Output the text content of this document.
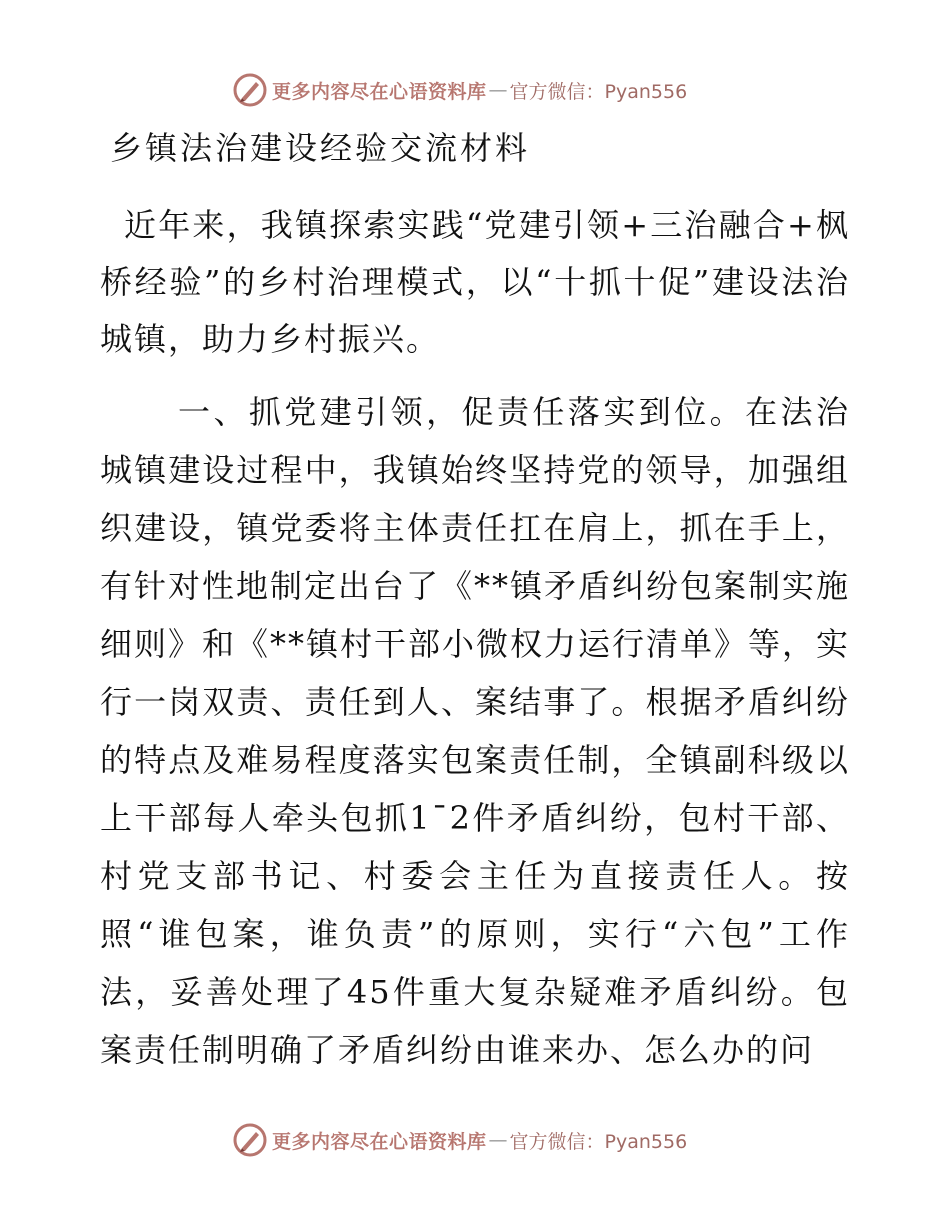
更多内容尽在心语资料库 — 官方微信：Pyan556
乡镇法治建设经验交流材料

近年来，我镇探索实践“党建引领+三治融合+枫桥经验”的乡村治理模式，以“十抓十促”建设法治城镇，助力乡村振兴。

一、抓党建引领，促责任落实到位。在法治城镇建设过程中，我镇始终坚持党的领导，加强组织建设，镇党委将主体责任扛在肩上，抓在手上，有针对性地制定出台了《**镇矛盾纠纷包案制实施细则》和《**镇村干部小微权力运行清单》等，实行一岗双责、责任到人、案结事了。根据矛盾纠纷的特点及难易程度落实包案责任制，全镇副科级以上干部每人牵头包抓1¯2件矛盾纠纷，包村干部、村党支部书记、村委会主任为直接责任人。按照“谁包案，谁负责”的原则，实行“六包”工作法，妥善处理了45件重大复杂疑难矛盾纠纷。包案责任制明确了矛盾纠纷由谁来办、怎么办的问

更多内容尽在心语资料库 — 官方微信：Pyan556
